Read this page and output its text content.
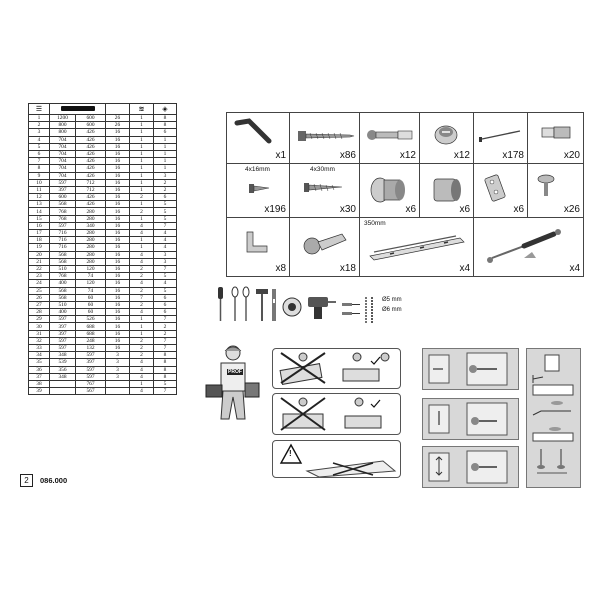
☰				≋	◈
1	1200	600	26	1	8
2	800	600	26	1	8
3	800	426	16	1	6
4	704	426	16	1	1
5	704	426	16	1	1
6	704	426	16	1	1
7	704	426	16	1	1
8	704	426	16	1	1
9	704	426	16	1	3
10	597	712	16	1	2
11	397	712	16	1	2
12	600	426	16	2	6
13	568	426	16	1	5
14	768	280	16	2	5
15	768	280	16	1	5
16	597	340	16	4	7
17	716	280	16	4	4
18	716	280	16	1	4
19	716	280	16	1	4
20	568	280	16	4	3
21	568	280	16	4	3
22	510	120	16	2	7
23	768	74	16	2	5
24	400	120	16	4	4
25	568	74	16	2	5
26	568	60	16	7	6
27	510	60	16	2	6
28	400	60	16	4	6
29	597	526	16	1	7
30	397	688	16	1	2
31	397	688	16	1	2
32	597	248	16	2	7
33	597	132	16	2	7
34	348	597	3	2	8
35	539	397	3	4	8
36	356	597	3	4	8
37	348	597	3	4	8
38		767		1	5
39		567		4	7
2	086.000
x1	x86	x12	x12	x178	x20
4x16mm
x196
4x30mm
x30	x6	x6	x6	x26
x8	x18
350mm
x4	x4
Ø5 mm
Ø6 mm
PROF
!
